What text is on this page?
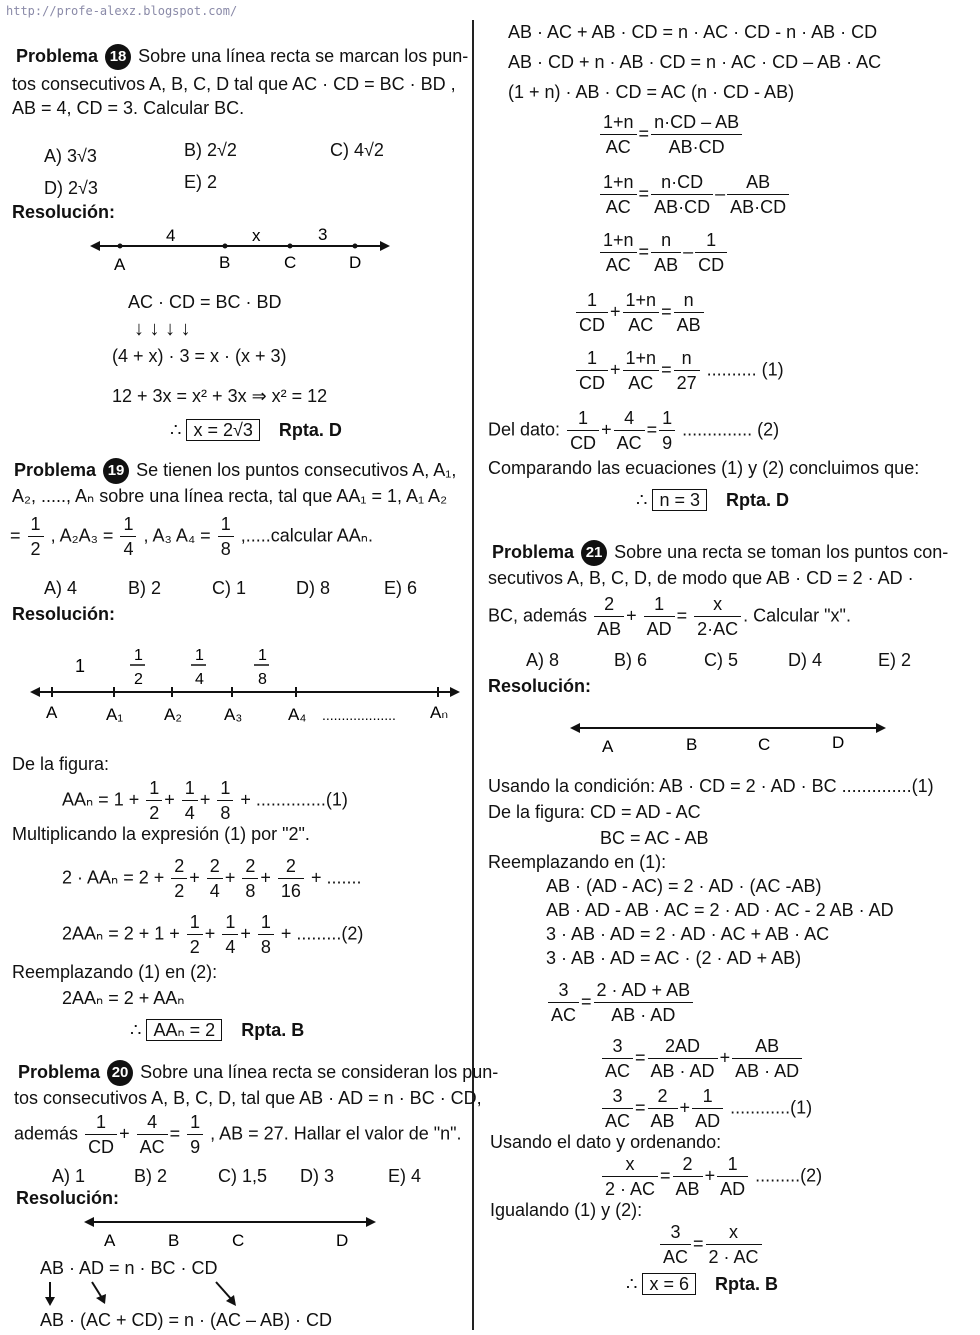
http://profe-alexz.blogspot.com/
Problema 18 Sobre una línea recta se marcan los pun-
tos consecutivos A, B, C, D tal que AC · CD = BC · BD ,
AB = 4, CD = 3. Calcular BC.
A) 3√3	B) 2√2	C) 4√2
D) 2√3	E) 2
Resolución:
4	x	3
A	B	C	D
AC · CD = BC · BD
↓ ↓ ↓ ↓
(4 + x) · 3 = x · (x + 3)
12 + 3x = x² + 3x ⇒ x² = 12
∴ x = 2√3 Rpta. D
Problema 19 Se tienen los puntos consecutivos A, A₁,
A₂, ....., Aₙ sobre una línea recta, tal que AA₁ = 1, A₁ A₂
= $\frac{1}{2}$ , $A_2A_3 = \frac{1}{4}$ , A₃ $A_4 = \frac{1}{8}$ ,.....calcular AAₙ.
A) 4	B) 2	C) 1	D) 8	E) 6
Resolución:
1
1
2
1
4
1
8
A	A₁ A₂ A₃	A₄ ................... Aₙ
De la figura:
$AA_n = 1 + \frac{1}{2} + \frac{1}{4} + \frac{1}{8} + ..............(1)$
Multiplicando la expresión (1) por "2".
$2 \cdot AA_n = 2 + \frac{2}{2} + \frac{2}{4} + \frac{2}{8} + \frac{2}{16}$ + .......
$2AA_n = 2 + 1 + \frac{1}{2} + \frac{1}{4} + \frac{1}{8} + .........(2)$
Reemplazando (1) en (2):
2AAₙ = 2 + AAₙ
∴ AAₙ = 2 Rpta. B
Problema 20 Sobre una línea recta se consideran los pun-
tos consecutivos A, B, C, D, tal que AB · AD = n · BC · CD,
además $\frac{1}{CD} + \frac{4}{AC} = \frac{1}{9}$ , AB = 27. Hallar el valor de "n".
A) 1	B) 2	C) 1,5 D) 3	E) 4
Resolución:
A	B	C	D
AB · AD = n · BC · CD
AB · (AC + CD) = n · (AC – AB) · CD
AB · AC + AB · CD = n · AC · CD - n · AB · CD
AB · CD + n · AB · CD = n · AC · CD – AB · AC
(1 + n) · AB · CD = AC (n · CD - AB)
$\frac{1+n}{AC} = \frac{n\cdot CD - AB}{AB\cdot CD}$
$\frac{1+n}{AC} = \frac{n\cdot CD}{AB\cdot CD} - \frac{AB}{AB\cdot CD}$
$\frac{1+n}{AC} = \frac{n}{AB} - \frac{1}{CD}$
$\frac{1}{CD} + \frac{1+n}{AC} = \frac{n}{AB}$
$\frac{1}{CD} + \frac{1+n}{AC} = \frac{n}{27}$ .......... (1)
Del dato: $\frac{1}{CD} + \frac{4}{AC} = \frac{1}{9}$ .............. (2)
Comparando las ecuaciones (1) y (2) concluimos que:
∴ n = 3 Rpta. D
Problema 21 Sobre una recta se toman los puntos con-
secutivos A, B, C, D, de modo que AB · CD = 2 · AD ·
BC, además $\frac{2}{AB} + \frac{1}{AD} = \frac{x}{2\cdot AC}$ . Calcular "x".
A) 8	B) 6	C) 5	D) 4	E) 2
Resolución:
A	B	C	D
Usando la condición: AB · CD = 2 · AD · BC ..............(1)
De la figura: CD = AD - AC
BC = AC - AB
Reemplazando en (1):
AB · (AD - AC) = 2 · AD · (AC -AB)
AB · AD - AB · AC = 2 · AD · AC - 2 AB · AD
3 · AB · AD = 2 · AD · AC + AB · AC
3 · AB · AD = AC · (2 · AD + AB)
$\frac{3}{AC} = \frac{2 \cdot AD + AB}{AB \cdot AD}$
$\frac{3}{AC} = \frac{2AD}{AB \cdot AD} + \frac{AB}{AB \cdot AD}$
$\frac{3}{AC} = \frac{2}{AB} + \frac{1}{AD} ............(1)$
Usando el dato y ordenando:
$\frac{x}{2 \cdot AC} = \frac{2}{AB} + \frac{1}{AD} .........(2)$
Igualando (1) y (2):
$\frac{3}{AC} = \frac{x}{2 \cdot AC}$
∴ x = 6 Rpta. B
